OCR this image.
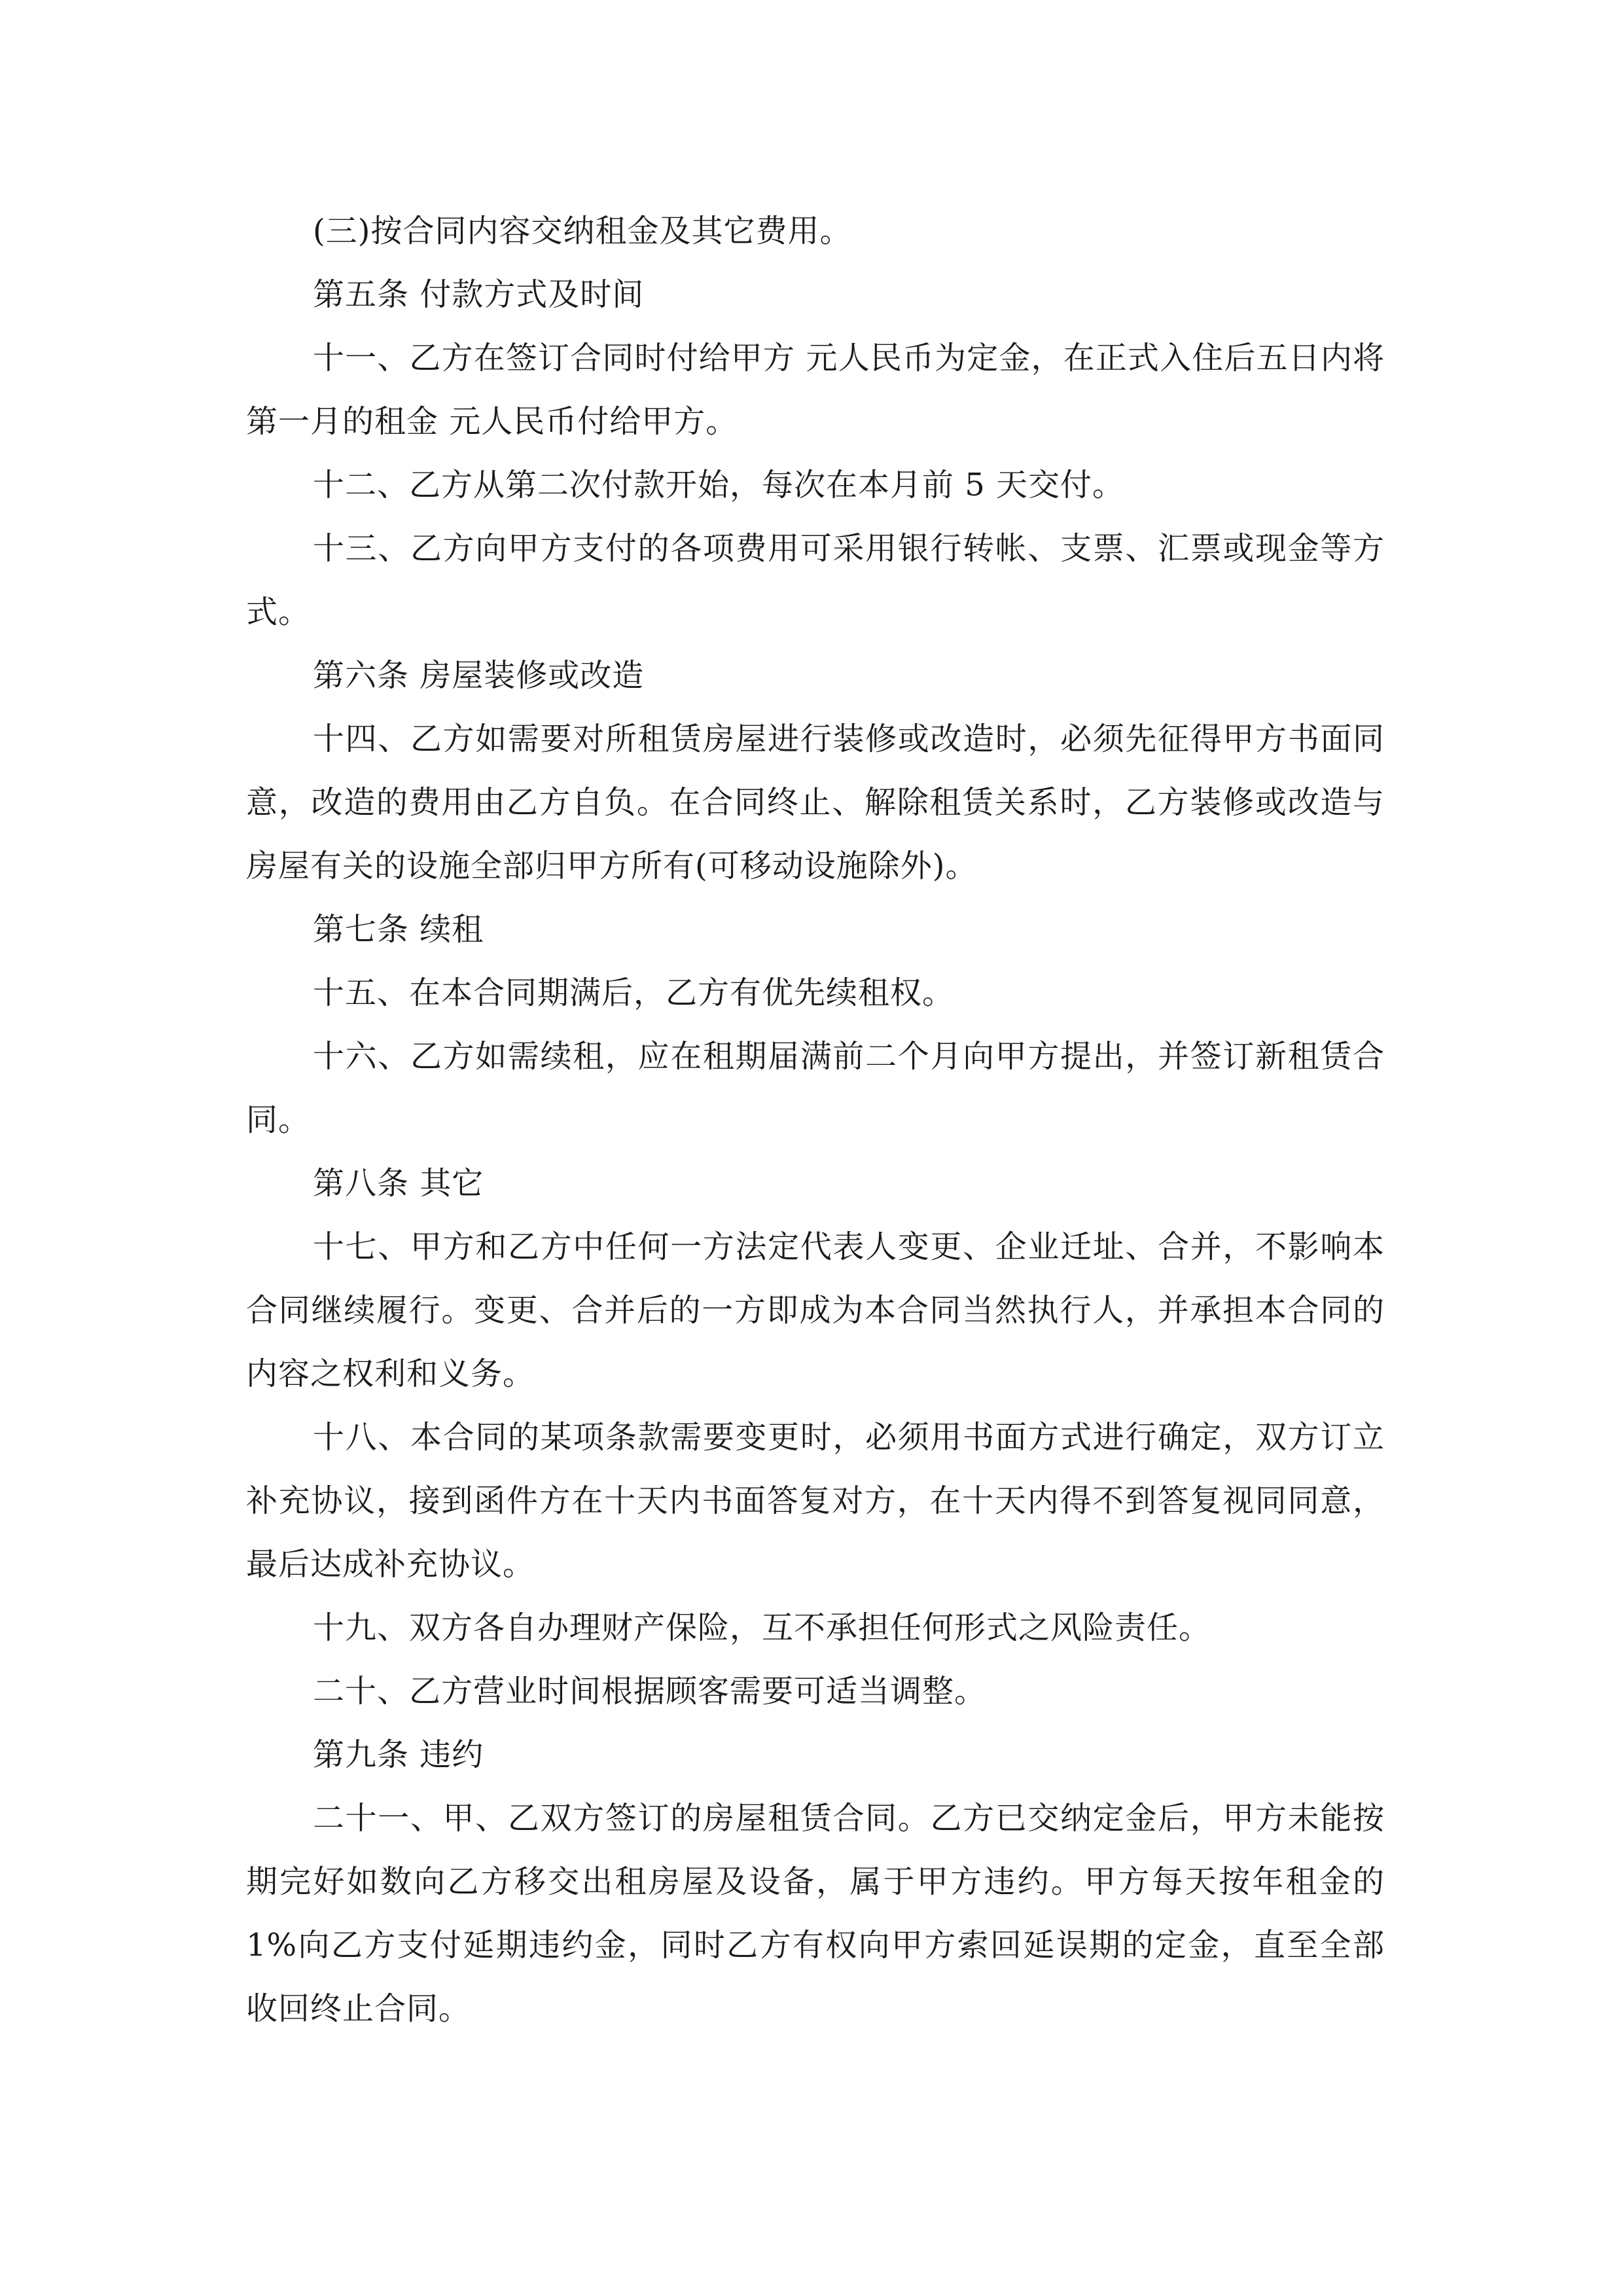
(三)按合同内容交纳租金及其它费用。

第五条 付款方式及时间

十一、乙方在签订合同时付给甲方 元人民币为定金，在正式入住后五日内将第一月的租金 元人民币付给甲方。

十二、乙方从第二次付款开始，每次在本月前 5 天交付。

十三、乙方向甲方支付的各项费用可采用银行转帐、支票、汇票或现金等方式。

第六条 房屋装修或改造

十四、乙方如需要对所租赁房屋进行装修或改造时，必须先征得甲方书面同意，改造的费用由乙方自负。在合同终止、解除租赁关系时，乙方装修或改造与房屋有关的设施全部归甲方所有(可移动设施除外)。

第七条 续租

十五、在本合同期满后，乙方有优先续租权。

十六、乙方如需续租，应在租期届满前二个月向甲方提出，并签订新租赁合同。

第八条 其它

十七、甲方和乙方中任何一方法定代表人变更、企业迁址、合并，不影响本合同继续履行。变更、合并后的一方即成为本合同当然执行人，并承担本合同的内容之权利和义务。

十八、本合同的某项条款需要变更时，必须用书面方式进行确定，双方订立补充协议，接到函件方在十天内书面答复对方，在十天内得不到答复视同同意，最后达成补充协议。

十九、双方各自办理财产保险，互不承担任何形式之风险责任。

二十、乙方营业时间根据顾客需要可适当调整。

第九条 违约

二十一、甲、乙双方签订的房屋租赁合同。乙方已交纳定金后，甲方未能按期完好如数向乙方移交出租房屋及设备，属于甲方违约。甲方每天按年租金的 1%向乙方支付延期违约金，同时乙方有权向甲方索回延误期的定金，直至全部收回终止合同。
